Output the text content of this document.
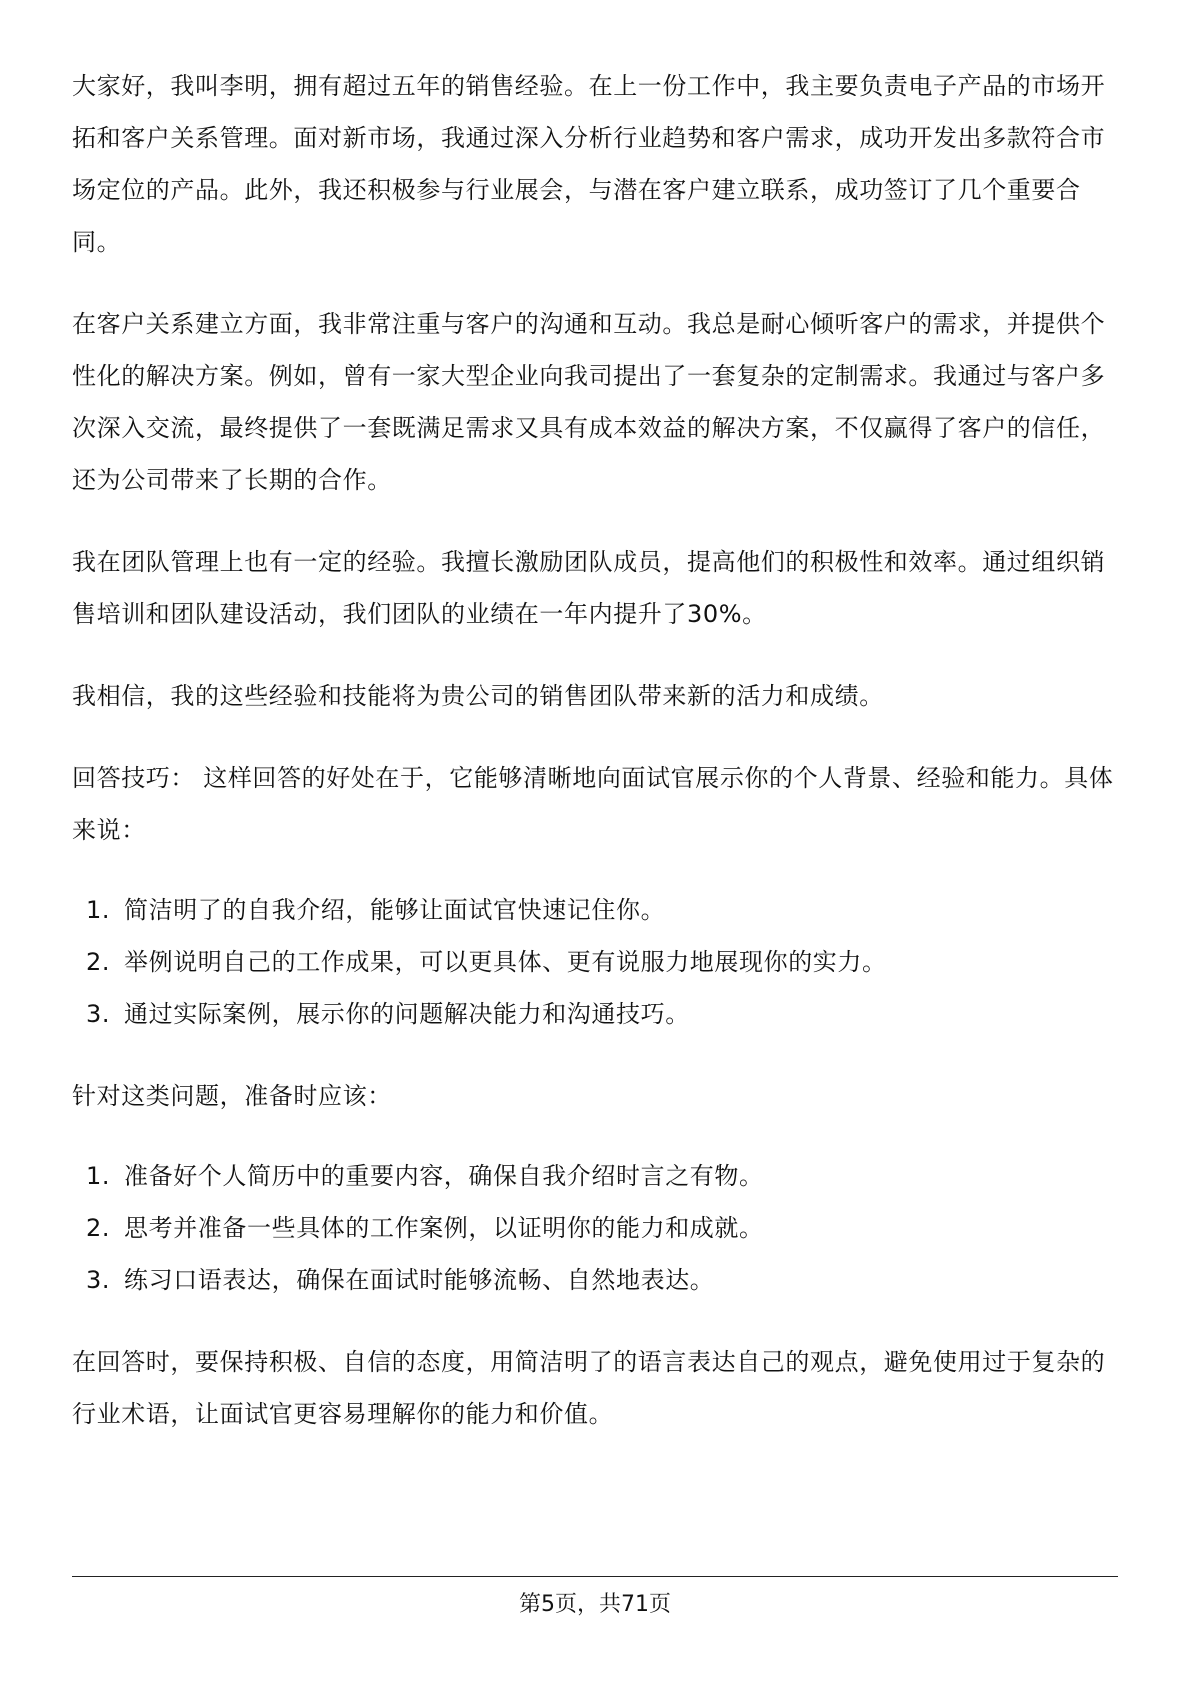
大家好，我叫李明，拥有超过五年的销售经验。在上一份工作中，我主要负责电子产品的市场开拓和客户关系管理。面对新市场，我通过深入分析行业趋势和客户需求，成功开发出多款符合市场定位的产品。此外，我还积极参与行业展会，与潜在客户建立联系，成功签订了几个重要合同。

在客户关系建立方面，我非常注重与客户的沟通和互动。我总是耐心倾听客户的需求，并提供个性化的解决方案。例如，曾有一家大型企业向我司提出了一套复杂的定制需求。我通过与客户多次深入交流，最终提供了一套既满足需求又具有成本效益的解决方案，不仅赢得了客户的信任，还为公司带来了长期的合作。

我在团队管理上也有一定的经验。我擅长激励团队成员，提高他们的积极性和效率。通过组织销售培训和团队建设活动，我们团队的业绩在一年内提升了30%。

我相信，我的这些经验和技能将为贵公司的销售团队带来新的活力和成绩。

回答技巧： 这样回答的好处在于，它能够清晰地向面试官展示你的个人背景、经验和能力。具体来说：

1. 简洁明了的自我介绍，能够让面试官快速记住你。
2. 举例说明自己的工作成果，可以更具体、更有说服力地展现你的实力。
3. 通过实际案例，展示你的问题解决能力和沟通技巧。

针对这类问题，准备时应该：

1. 准备好个人简历中的重要内容，确保自我介绍时言之有物。
2. 思考并准备一些具体的工作案例，以证明你的能力和成就。
3. 练习口语表达，确保在面试时能够流畅、自然地表达。

在回答时，要保持积极、自信的态度，用简洁明了的语言表达自己的观点，避免使用过于复杂的行业术语，让面试官更容易理解你的能力和价值。

第5页，共71页
